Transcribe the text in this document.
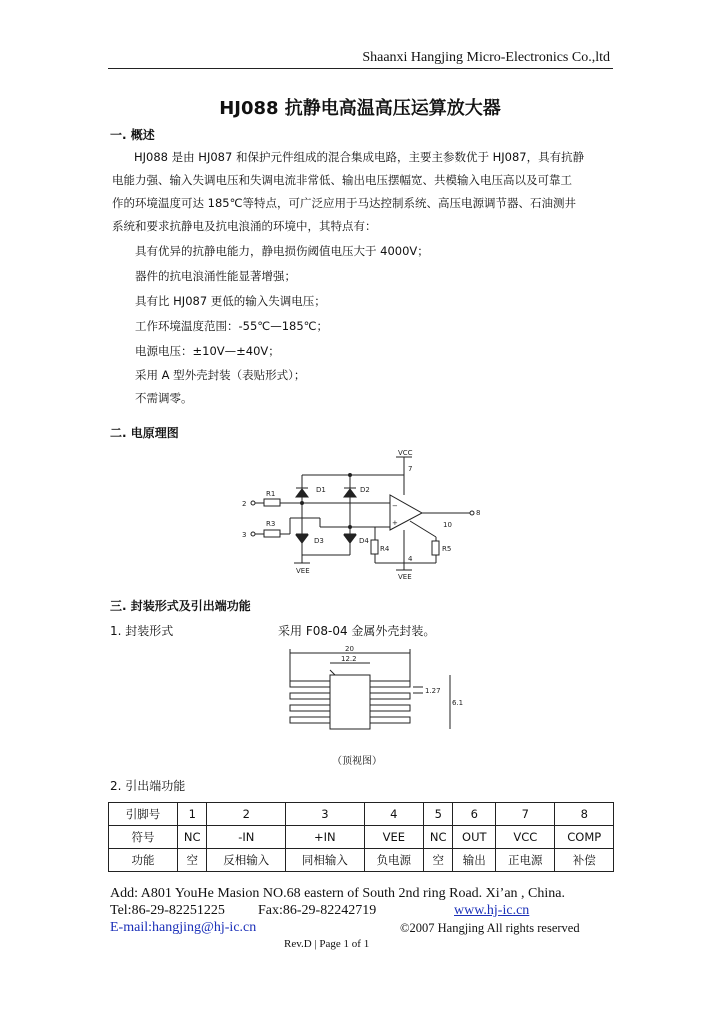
Shaanxi Hangjing Micro-Electronics Co.,ltd
HJ088 抗静电高温高压运算放大器
一. 概述
HJ088 是由 HJ087 和保护元件组成的混合集成电路，主要主参数优于 HJ087，具有抗静
电能力强、输入失调电压和失调电流非常低、输出电压摆幅宽、共模输入电压高以及可靠工
作的环境温度可达 185℃等特点，可广泛应用于马达控制系统、高压电源调节器、石油测井
系统和要求抗静电及抗电浪涌的环境中，其特点有：
具有优异的抗静电能力，静电损伤阈值电压大于 4000V；
器件的抗电浪涌性能显著增强；
具有比 HJ087 更低的输入失调电压；
工作环境温度范围：-55℃—185℃；
电源电压：±10V—±40V；
采用 A 型外壳封装（表贴形式）；
不需调零。
二. 电原理图
VCC
7
−
+
8
10
R5
4
VEE
R4
2
R1
3
R3
D1	D2
D3	D4
VEE
三. 封装形式及引出端功能
1. 封装形式	采用 F08-04 金属外壳封装。
20
12.2
1.27
6.1
（顶视图）
2. 引出端功能
引脚号	1	2	3	4	5	6	7	8
符号	NC	-IN	+IN	VEE	NC	OUT	VCC	COMP
功能	空	反相输入	同相输入	负电源	空	输出	正电源	补偿
Add: A801 YouHe Masion NO.68 eastern of South 2nd ring Road. Xi’an , China.
Tel:86-29-82251225 Fax:86-29-82242719	www.hj-ic.cn
E-mail:hangjing@hj-ic.cn	©2007 Hangjing All rights reserved
Rev.D | Page 1 of 1
